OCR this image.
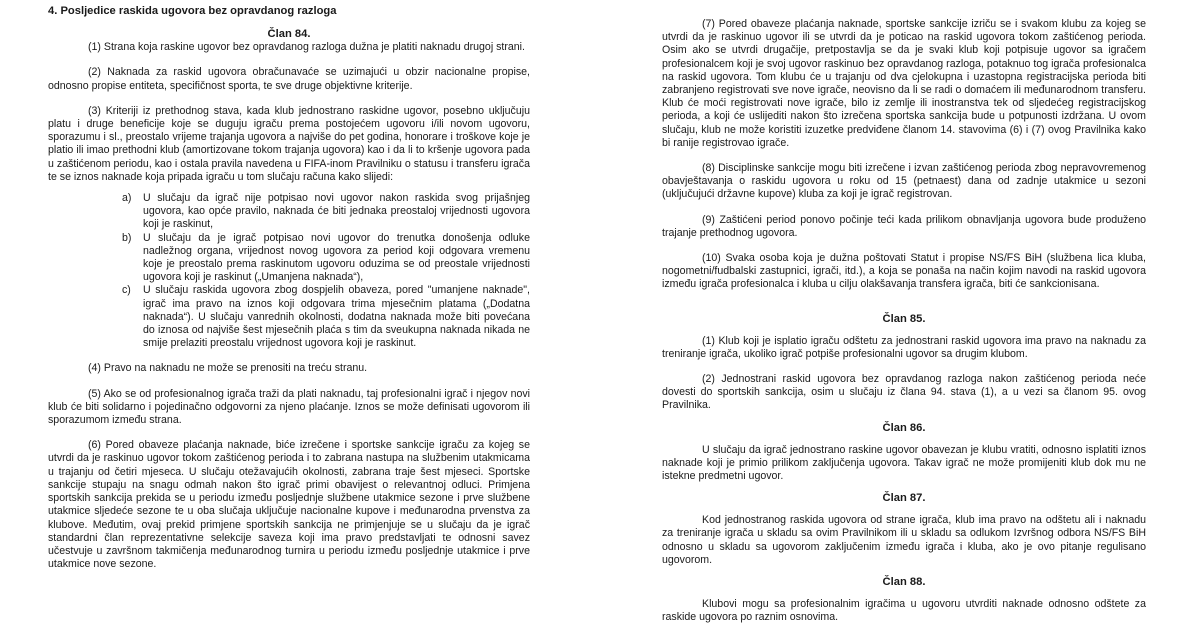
4. Posljedice raskida ugovora bez opravdanog razloga
Član 84.

(1) Strana koja raskine ugovor bez opravdanog razloga dužna je platiti naknadu drugoj strani.

(2) Naknada za raskid ugovora obračunavaće se uzimajući u obzir nacionalne propise, odnosno propise entiteta, specifičnost sporta, te sve druge objektivne kriterije.

(3) Kriteriji iz prethodnog stava, kada klub jednostrano raskidne ugovor, posebno uključuju platu i druge beneficije koje se duguju igraču prema postojećem ugovoru i/ili novom ugovoru, sporazumu i sl., preostalo vrijeme trajanja ugovora a najviše do pet godina, honorare i troškove koje je platio ili imao prethodni klub (amortizovane tokom trajanja ugovora) kao i da li to kršenje ugovora pada u zaštićenom periodu, kao i ostala pravila navedena u FIFA-inom Pravilniku o statusu i transferu igrača te se iznos naknade koja pripada igraču u tom slučaju računa kako slijedi:

a) U slučaju da igrač nije potpisao novi ugovor nakon raskida svog prijašnjeg ugovora, kao opće pravilo, naknada će biti jednaka preostaloj vrijednosti ugovora koji je raskinut,
b) U slučaju da je igrač potpisao novi ugovor do trenutka donošenja odluke nadležnog organa, vrijednost novog ugovora za period koji odgovara vremenu koje je preostalo prema raskinutom ugovoru oduzima se od preostale vrijednosti ugovora koji je raskinut („Umanjena naknada“),
c) U slučaju raskida ugovora zbog dospjelih obaveza, pored "umanjene naknade", igrač ima pravo na iznos koji odgovara trima mjesečnim platama („Dodatna naknada“). U slučaju vanrednih okolnosti, dodatna naknada može biti povećana do iznosa od najviše šest mjesečnih plaća s tim da sveukupna naknada nikada ne smije prelaziti preostalu vrijednost ugovora koji je raskinut.

(4) Pravo na naknadu ne može se prenositi na treću stranu.

(5) Ako se od profesionalnog igrača traži da plati naknadu, taj profesionalni igrač i njegov novi klub će biti solidarno i pojedinačno odgovorni za njeno plaćanje. Iznos se može definisati ugovorom ili sporazumom između strana.

(6) Pored obaveze plaćanja naknade, biće izrečene i sportske sankcije igraču za kojeg se utvrdi da je raskinuo ugovor tokom zaštićenog perioda i to zabrana nastupa na službenim utakmicama u trajanju od četiri mjeseca. U slučaju otežavajućih okolnosti, zabrana traje šest mjeseci. Sportske sankcije stupaju na snagu odmah nakon što igrač primi obavijest o relevantnoj odluci. Primjena sportskih sankcija prekida se u periodu između posljednje službene utakmice sezone i prve službene utakmice sljedeće sezone te u oba slučaja uključuje nacionalne kupove i međunarodna prvenstva za klubove. Međutim, ovaj prekid primjene sportskih sankcija ne primjenjuje se u slučaju da je igrač standardni član reprezentativne selekcije saveza koji ima pravo predstavljati te odnosni savez učestvuje u završnom takmičenja međunarodnog turnira u periodu između posljednje utakmice i prve utakmice nove sezone.

(7) Pored obaveze plaćanja naknade, sportske sankcije izriču se i svakom klubu za kojeg se utvrdi da je raskinuo ugovor ili se utvrdi da je poticao na raskid ugovora tokom zaštićenog perioda. Osim ako se utvrdi drugačije, pretpostavlja se da je svaki klub koji potpisuje ugovor sa igračem profesionalcem koji je svoj ugovor raskinuo bez opravdanog razloga, potaknuo tog igrača profesionalca na raskid ugovora. Tom klubu će u trajanju od dva cjelokupna i uzastopna registracijska perioda biti zabranjeno registrovati sve nove igrače, neovisno da li se radi o domaćem ili međunarodnom transferu. Klub će moći registrovati nove igrače, bilo iz zemlje ili inostranstva tek od sljedećeg registracijskog perioda, a koji će uslijediti nakon što izrečena sportska sankcija bude u potpunosti izdržana. U ovom slučaju, klub ne može koristiti izuzetke predviđene članom 14. stavovima (6) i (7) ovog Pravilnika kako bi ranije registrovao igrače.

(8) Disciplinske sankcije mogu biti izrečene i izvan zaštićenog perioda zbog nepravovremenog obavještavanja o raskidu ugovora u roku od 15 (petnaest) dana od zadnje utakmice u sezoni (uključujući državne kupove) kluba za koji je igrač registrovan.

(9) Zaštićeni period ponovo počinje teći kada prilikom obnavljanja ugovora bude produženo trajanje prethodnog ugovora.

(10) Svaka osoba koja je dužna poštovati Statut i propise NS/FS BiH (službena lica kluba, nogometni/fudbalski zastupnici, igrači, itd.), a koja se ponaša na način kojim navodi na raskid ugovora između igrača profesionalca i kluba u cilju olakšavanja transfera igrača, biti će sankcionisana.

Član 85.

(1) Klub koji je isplatio igraču odštetu za jednostrani raskid ugovora ima pravo na naknadu za treniranje igrača, ukoliko igrač potpiše profesionalni ugovor sa drugim klubom.

(2) Jednostrani raskid ugovora bez opravdanog razloga nakon zaštićenog perioda neće dovesti do sportskih sankcija, osim u slučaju iz člana 94. stava (1), a u vezi sa članom 95. ovog Pravilnika.

Član 86.

U slučaju da igrač jednostrano raskine ugovor obavezan je klubu vratiti, odnosno isplatiti iznos naknade koji je primio prilikom zaključenja ugovora. Takav igrač ne može promijeniti klub dok mu ne istekne predmetni ugovor.

Član 87.

Kod jednostranog raskida ugovora od strane igrača, klub ima pravo na odštetu ali i naknadu za treniranje igrača u skladu sa ovim Pravilnikom ili u skladu sa odlukom Izvršnog odbora NS/FS BiH odnosno u skladu sa ugovorom zaključenim između igrača i kluba, ako je ovo pitanje regulisano ugovorom.

Član 88.

Klubovi mogu sa profesionalnim igračima u ugovoru utvrditi naknade odnosno odštete za raskide ugovora po raznim osnovima.
